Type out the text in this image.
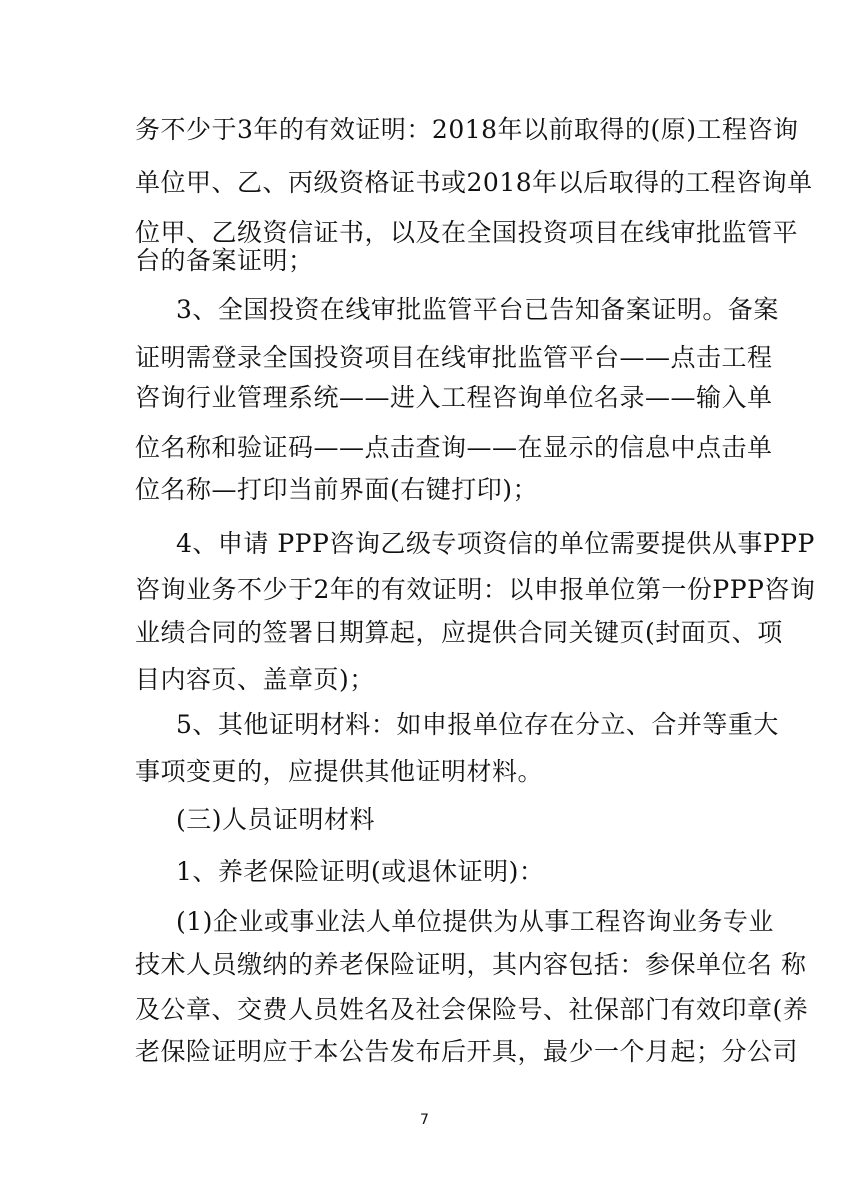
务不少于3年的有效证明：2018年以前取得的(原)工程咨询
单位甲、乙、丙级资格证书或2018年以后取得的工程咨询单
位甲、乙级资信证书，以及在全国投资项目在线审批监管平
台的备案证明；
3、全国投资在线审批监管平台已告知备案证明。备案
证明需登录全国投资项目在线审批监管平台——点击工程
咨询行业管理系统——进入工程咨询单位名录——输入单
位名称和验证码——点击查询——在显示的信息中点击单
位名称—打印当前界面(右键打印)；
4、申请 PPP咨询乙级专项资信的单位需要提供从事PPP
咨询业务不少于2年的有效证明：以申报单位第一份PPP咨询
业绩合同的签署日期算起，应提供合同关键页(封面页、项
目内容页、盖章页)；
5、其他证明材料：如申报单位存在分立、合并等重大
事项变更的，应提供其他证明材料。
(三)人员证明材料
1、养老保险证明(或退休证明)：
(1)企业或事业法人单位提供为从事工程咨询业务专业
技术人员缴纳的养老保险证明，其内容包括：参保单位名 称
及公章、交费人员姓名及社会保险号、社保部门有效印章(养
老保险证明应于本公告发布后开具，最少一个月起；分公司
7
